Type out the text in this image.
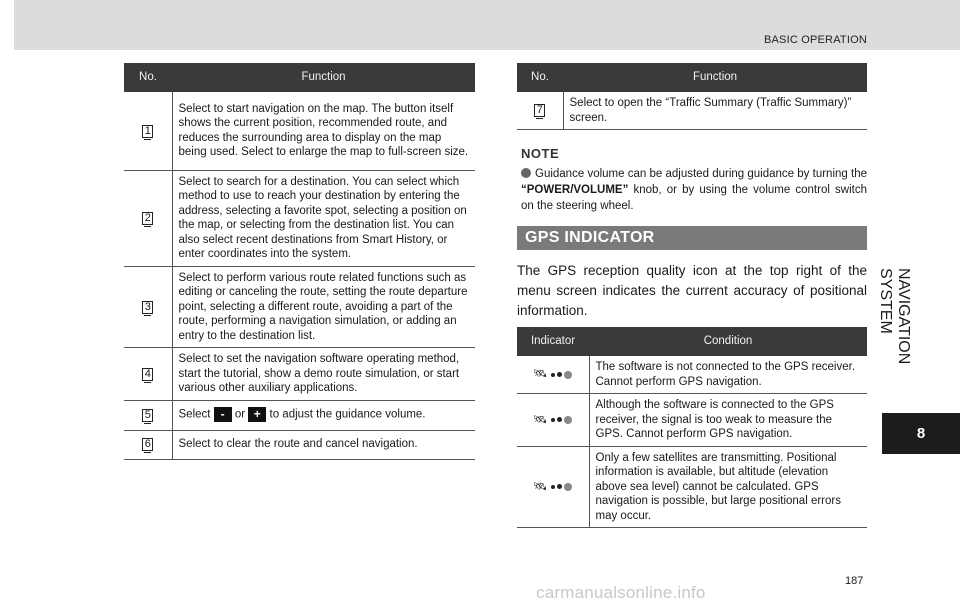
BASIC OPERATION
NAVIGATION SYSTEM
8
No.	Function
1	Select to start navigation on the map. The button itself shows the current position, recommended route, and reduces the surrounding area to display on the map being used. Select to enlarge the map to full-screen size.
2	Select to search for a destination. You can select which method to use to reach your destination by entering the address, selecting a favorite spot, selecting a position on the map, or selecting from the destination list. You can also select recent destinations from Smart History, or enter coordinates into the system.
3	Select to perform various route related functions such as editing or canceling the route, setting the route departure point, selecting a different route, avoiding a part of the route, performing a navigation simulation, or adding an entry to the destination list.
4	Select to set the navigation software operating method, start the tutorial, show a demo route simulation, or start various other auxiliary applications.
5	Select - or + to adjust the guidance volume.
6	Select to clear the route and cancel navigation.
No.	Function
7	Select to open the “Traffic Summary (Traffic Summary)” screen.
NOTE
Guidance volume can be adjusted during guidance by turning the “POWER/VOLUME” knob, or by using the volume control switch on the steering wheel.
GPS INDICATOR
The GPS reception quality icon at the top right of the menu screen indicates the current accuracy of positional information.
Indicator	Condition

🛰︎	The software is not connected to the GPS receiver. Cannot perform GPS navigation.

🛰︎	Although the software is connected to the GPS receiver, the signal is too weak to measure the GPS. Cannot perform GPS navigation.

🛰︎	Only a few satellites are transmitting. Positional information is available, but altitude (elevation above sea level) cannot be calculated. GPS navigation is possible, but large positional errors may occur.
187
carmanualsonline.info
